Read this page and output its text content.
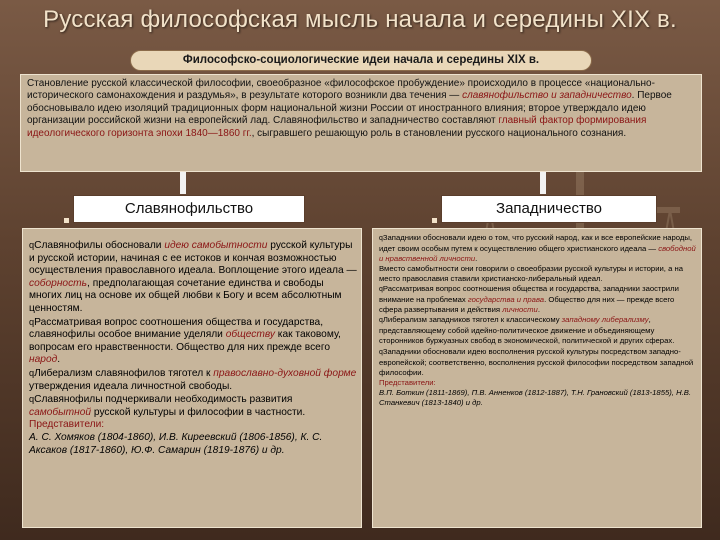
Русская философская мысль начала и середины XIX в.
Философско-социологические идеи начала и середины XIX в.
Становление русской классической философии, своеобразное «философское пробуждение» происходило в процессе «национально-исторического самонахождения и раздумья», в результате которого возникли два течения — славянофильство и западничество. Первое обосновывало идею изоляций традиционных форм национальной жизни России от иностранного влияния; второе утверждало идею организации российской жизни на европейский лад. Славянофильство и западничество составляют главный фактор формирования идеологического горизонта эпохи 1840—1860 гг., сыгравшего решающую роль в становлении русского национального сознания.
Славянофильство	Западничество

qСлавянофилы обосновали идею самобытности русской культуры и русской истории, начиная с ее истоков и кончая возможностью осуществления православного идеала. Воплощение этого идеала — соборность, предполагающая сочетание единства и свободы многих лиц на основе их общей любви к Богу и всем абсолютным ценностям.

qРассматривая вопрос соотношения общества и государства, славянофилы особое внимание уделяли обществу как таковому, вопросам его нравственности. Общество для них прежде всего народ.

qЛиберализм славянофилов тяготел к православно-духовной форме утверждения идеала личностной свободы.

qСлавянофилы подчеркивали необходимость развития самобытной русской культуры и философии в частности.

Представители:

А. С. Хомяков (1804-1860), И.В. Киреевский (1806-1856), К. С. Аксаков (1817-1860), Ю.Ф. Самарин (1819-1876) и др.

qЗападники обосновали идею о том, что русский народ, как и все европейские народы, идет своим особым путем к осуществлению общего христианского идеала — свободной и нравственной личности.

Вместо самобытности они говорили о своеобразии русской культуры и истории, а на место православия ставили христианско-либеральный идеал.

qРассматривая вопрос соотношения общества и государства, западники заострили внимание на проблемах государства и права. Общество для них — прежде всего сфера развертывания и действия личности.

qЛиберализм западников тяготел к классическому западному либерализму, представляющему собой идейно-политическое движение и объединяющему сторонников буржуазных свобод в экономической, политической и других сферах.

qЗападники обосновали идею восполнения русской культуры посредством западно-европейской; соответственно, восполнения русской философии посредством западной философии.

Представители:

В.П. Боткин (1811-1869), П.В. Анненков (1812-1887), Т.Н. Грановский (1813-1855), Н.В. Станкевич (1813-1840) и др.
